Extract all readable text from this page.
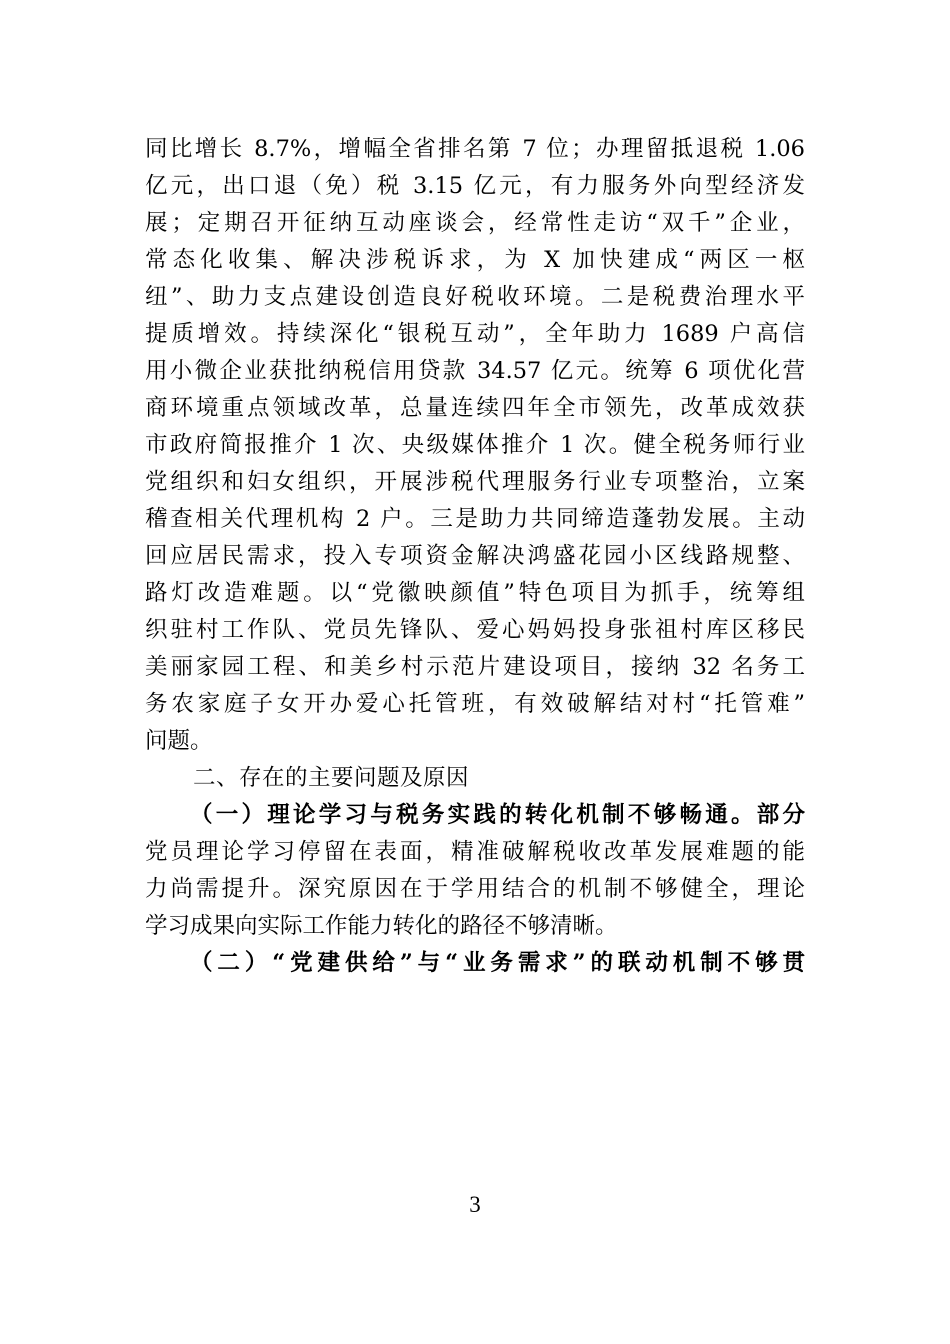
同比增长 8.7%，增幅全省排名第 7 位；办理留抵退税 1.06
亿元，出口退（免）税 3.15 亿元，有力服务外向型经济发
展；定期召开征纳互动座谈会，经常性走访“双千”企业，
常态化收集、解决涉税诉求，为 X 加快建成“两区一枢
纽”、助力支点建设创造良好税收环境。二是税费治理水平
提质增效。持续深化“银税互动”，全年助力 1689 户高信
用小微企业获批纳税信用贷款 34.57 亿元。统筹 6 项优化营
商环境重点领域改革，总量连续四年全市领先，改革成效获
市政府简报推介 1 次、央级媒体推介 1 次。健全税务师行业
党组织和妇女组织，开展涉税代理服务行业专项整治，立案
稽查相关代理机构 2 户。三是助力共同缔造蓬勃发展。主动
回应居民需求，投入专项资金解决鸿盛花园小区线路规整、
路灯改造难题。以“党徽映颜值”特色项目为抓手，统筹组
织驻村工作队、党员先锋队、爱心妈妈投身张祖村库区移民
美丽家园工程、和美乡村示范片建设项目，接纳 32 名务工
务农家庭子女开办爱心托管班，有效破解结对村“托管难”
问题。
二、存在的主要问题及原因
（一）理论学习与税务实践的转化机制不够畅通。部分
党员理论学习停留在表面，精准破解税收改革发展难题的能
力尚需提升。深究原因在于学用结合的机制不够健全，理论
学习成果向实际工作能力转化的路径不够清晰。
（二）“党建供给”与“业务需求”的联动机制不够贯
3
